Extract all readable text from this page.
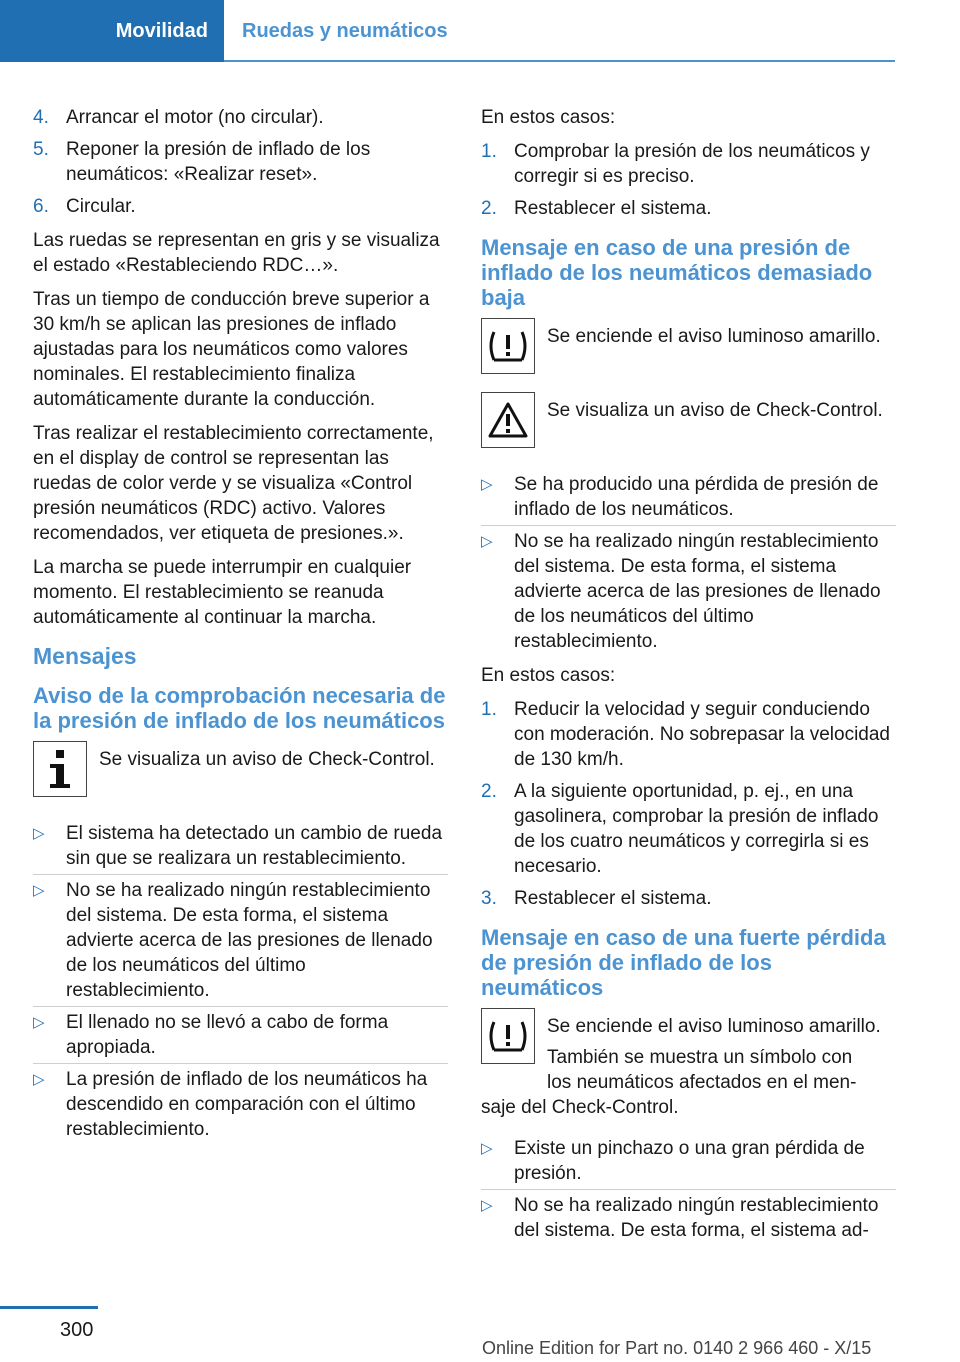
Movilidad	Ruedas y neumáticos
4. Arrancar el motor (no circular).
5. Reponer la presión de inflado de los neumáticos: «Realizar reset».
6. Circular.

Las ruedas se representan en gris y se visualiza el estado «Restableciendo RDC…».

Tras un tiempo de conducción breve superior a 30 km/h se aplican las presiones de inflado ajustadas para los neumáticos como valores nominales. El restablecimiento finaliza automáticamente durante la conducción.

Tras realizar el restablecimiento correctamente, en el display de control se representan las ruedas de color verde y se visualiza «Control presión neumáticos (RDC) activo. Valores recomendados, ver etiqueta de presiones.».

La marcha se puede interrumpir en cualquier momento. El restablecimiento se reanuda automáticamente al continuar la marcha.

Mensajes
Aviso de la comprobación necesaria de la presión de inflado de los neumáticos
Se visualiza un aviso de Check-Control.
▷ El sistema ha detectado un cambio de rueda sin que se realizara un restablecimiento.
▷ No se ha realizado ningún restablecimiento del sistema. De esta forma, el sistema advierte acerca de las presiones de llenado de los neumáticos del último restablecimiento.
▷ El llenado no se llevó a cabo de forma apropiada.
▷ La presión de inflado de los neumáticos ha descendido en comparación con el último restablecimiento.

En estos casos:

1. Comprobar la presión de los neumáticos y corregir si es preciso.
2. Restablecer el sistema.
Mensaje en caso de una presión de inflado de los neumáticos demasiado baja
Se enciende el aviso luminoso amarillo.
Se visualiza un aviso de Check-Control.
▷ Se ha producido una pérdida de presión de inflado de los neumáticos.
▷ No se ha realizado ningún restablecimiento del sistema. De esta forma, el sistema advierte acerca de las presiones de llenado de los neumáticos del último restablecimiento.

En estos casos:

1. Reducir la velocidad y seguir conduciendo con moderación. No sobrepasar la velocidad de 130 km/h.
2. A la siguiente oportunidad, p. ej., en una gasolinera, comprobar la presión de inflado de los cuatro neumáticos y corregirla si es necesario.
3. Restablecer el sistema.
Mensaje en caso de una fuerte pérdida de presión de inflado de los neumáticos
Se enciende el aviso luminoso amarillo.
También se muestra un símbolo con
los neumáticos afectados en el men-
saje del Check-Control.
▷ Existe un pinchazo o una gran pérdida de presión.
▷ No se ha realizado ningún restablecimiento del sistema. De esta forma, el sistema ad-
300
Online Edition for Part no. 0140 2 966 460 - X/15
